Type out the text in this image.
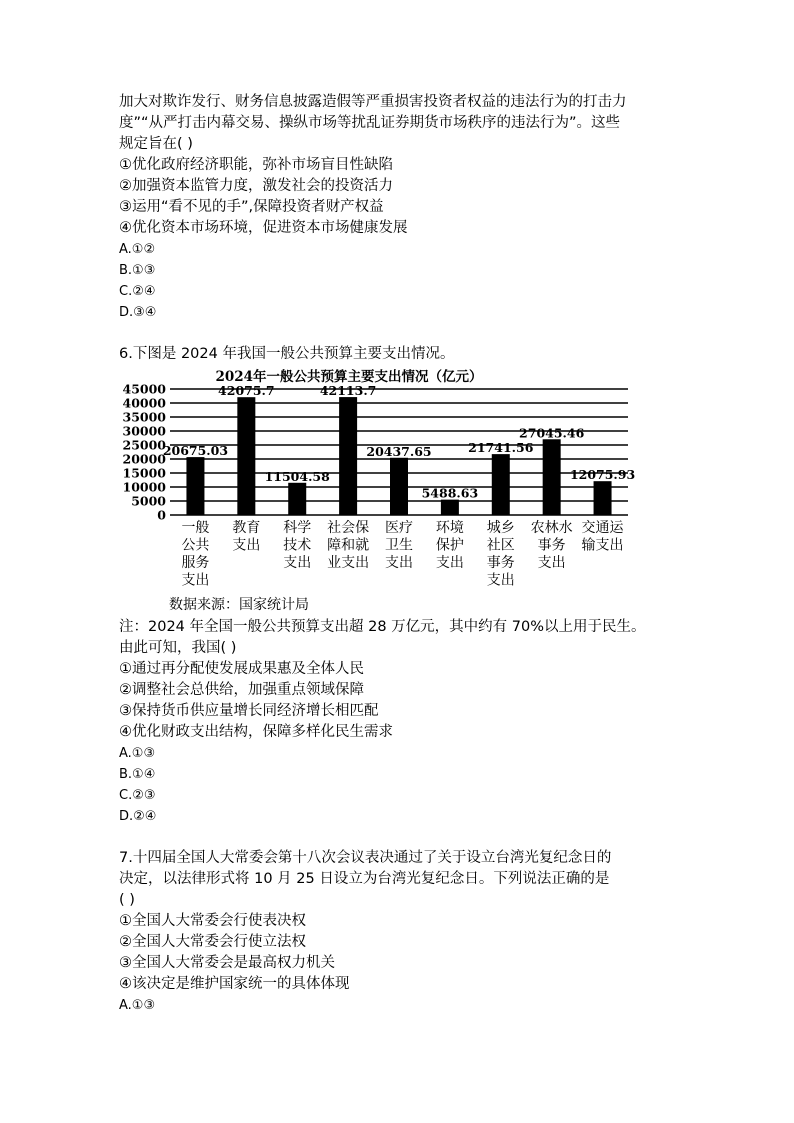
加大对欺诈发行、财务信息披露造假等严重损害投资者权益的违法行为的打击力
度”“从严打击内幕交易、操纵市场等扰乱证券期货市场秩序的违法行为”。这些
规定旨在( )
①优化政府经济职能，弥补市场盲目性缺陷
②加强资本监管力度，激发社会的投资活力
③运用“看不见的手”,保障投资者财产权益
④优化资本市场环境，促进资本市场健康发展
A.①②
B.①③
C.②④
D.③④
6.下图是 2024 年我国一般公共预算主要支出情况。
2024年一般公共预算主要支出情况（亿元）
0
5000
10000
15000
20000
25000
30000
35000
40000
45000
20675.03
一般
公共
服务
支出
42075.7
教育
支出
11504.58
科学
技术
支出
42113.7
社会保
障和就
业支出
20437.65
医疗
卫生
支出
5488.63
环境
保护
支出
21741.56
城乡
社区
事务
支出
27045.46
农林水
事务
支出
12075.93
交通运
输支出
数据来源：国家统计局
注：2024 年全国一般公共预算支出超 28 万亿元，其中约有 70%以上用于民生。
由此可知，我国( )
①通过再分配使发展成果惠及全体人民
②调整社会总供给，加强重点领域保障
③保持货币供应量增长同经济增长相匹配
④优化财政支出结构，保障多样化民生需求
A.①③
B.①④
C.②③
D.②④
7.十四届全国人大常委会第十八次会议表决通过了关于设立台湾光复纪念日的
决定，以法律形式将 10 月 25 日设立为台湾光复纪念日。下列说法正确的是
( )
①全国人大常委会行使表决权
②全国人大常委会行使立法权
③全国人大常委会是最高权力机关
④该决定是维护国家统一的具体体现
A.①③
